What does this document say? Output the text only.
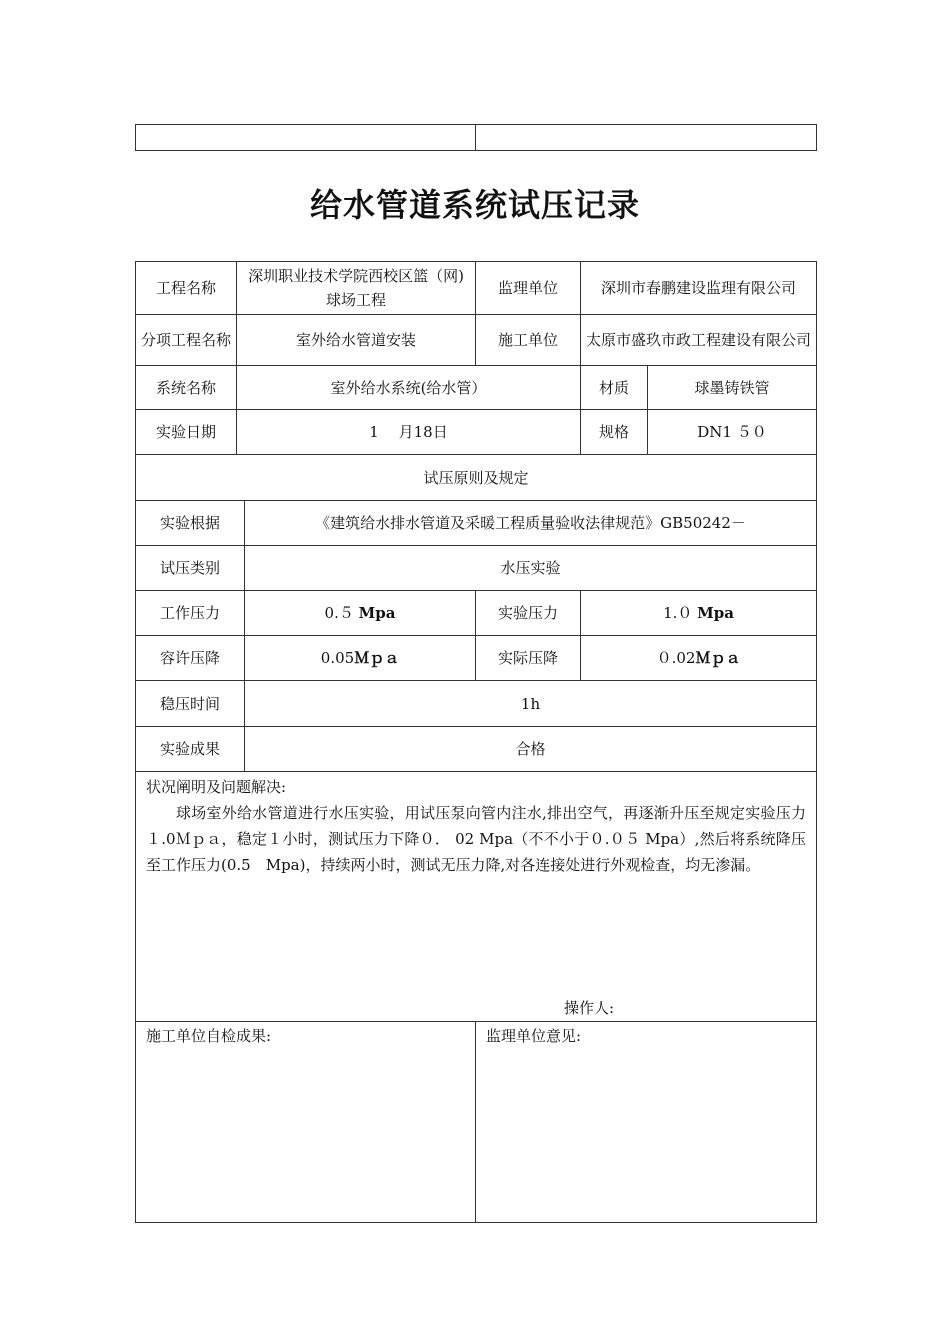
给水管道系统试压记录
工程名称	深圳职业技术学院西校区篮（网)球场工程		监理单位	深圳市春鹏建设监理有限公司	
分项工程名称	室外给水管道安装		施工单位	太原市盛玖市政工程建设有限公司	
系统名称	室外给水系统(给水管）			材质	球墨铸铁管
实验日期	1　 月18日			规格	DN1 ５０
试压原则及规定					
实验根据		《建筑给水排水管道及采暖工程质量验收法律规范》GB50242－			
试压类别		水压实验			
工作压力		0.５ Mpa	实验压力	1.０ Mpa	
容许压降		0.05Ｍｐａ	实际压降	０.02Ｍｐａ	
稳压时间		1h			
实验成果		合格			

状况阐明及问题解决:

球场室外给水管道进行水压实验，用试压泵向管内注水,排出空气，再逐渐升压至规定实验压力１.0Ｍｐａ，稳定１小时，测试压力下降０． 02 Mpa（不不小于０.０５ Mpa）,然后将系统降压至工作压力(0.5　Mpa)，持续两小时，测试无压力降,对各连接处进行外观检查，均无渗漏。

操作人:					

施工单位自检成果:			监理单位意见:		
